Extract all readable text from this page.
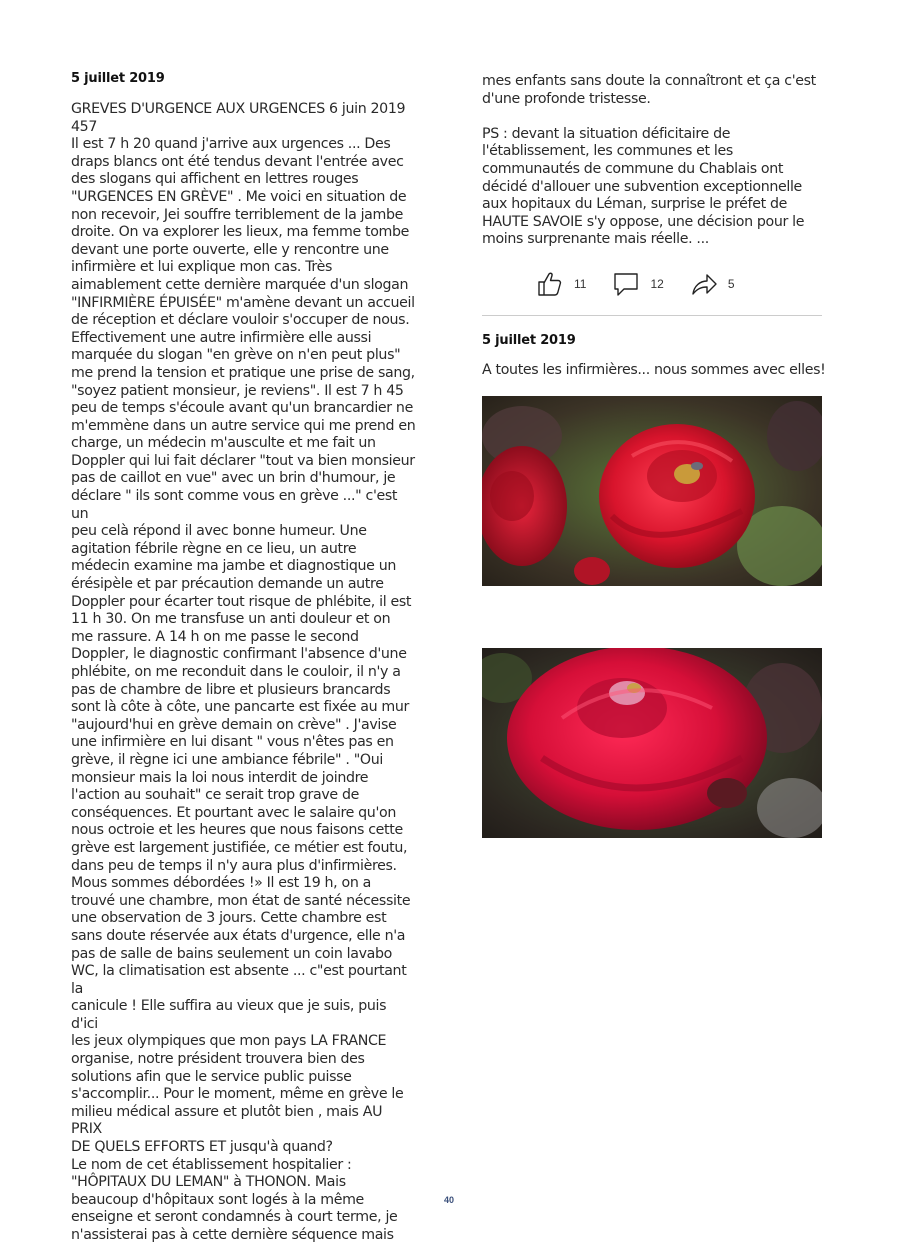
5 juillet 2019

GREVES D'URGENCE AUX URGENCES 6 juin 2019
457
Il est 7 h 20 quand j'arrive aux urgences ... Des
draps blancs ont été tendus devant l'entrée avec
des slogans qui affichent en lettres rouges
"URGENCES EN GRÈVE" . Me voici en situation de
non recevoir, Jei souffre terriblement de la jambe
droite. On va explorer les lieux, ma femme tombe
devant une porte ouverte, elle y rencontre une
infirmière et lui explique mon cas. Très
aimablement cette dernière marquée d'un slogan
"INFIRMIÈRE ÉPUISÉE" m'amène devant un accueil
de réception et déclare vouloir s'occuper de nous.
Effectivement une autre infirmière elle aussi
marquée du slogan "en grève on n'en peut plus"
me prend la tension et pratique une prise de sang,
"soyez patient monsieur, je reviens". Il est 7 h 45
peu de temps s'écoule avant qu'un brancardier ne
m'emmène dans un autre service qui me prend en
charge, un médecin m'ausculte et me fait un
Doppler qui lui fait déclarer "tout va bien monsieur
pas de caillot en vue" avec un brin d'humour, je
déclare " ils sont comme vous en grève ..." c'est un
peu celà répond il avec bonne humeur. Une
agitation fébrile règne en ce lieu, un autre
médecin examine ma jambe et diagnostique un
érésipèle et par précaution demande un autre
Doppler pour écarter tout risque de phlébite, il est
11 h 30. On me transfuse un anti douleur et on
me rassure. A 14 h on me passe le second
Doppler, le diagnostic confirmant l'absence d'une
phlébite, on me reconduit dans le couloir, il n'y a
pas de chambre de libre et plusieurs brancards
sont là côte à côte, une pancarte est fixée au mur
"aujourd'hui en grève demain on crève" . J'avise
une infirmière en lui disant " vous n'êtes pas en
grève, il règne ici une ambiance fébrile" . "Oui
monsieur mais la loi nous interdit de joindre
l'action au souhait" ce serait trop grave de
conséquences. Et pourtant avec le salaire qu'on
nous octroie et les heures que nous faisons cette
grève est largement justifiée, ce métier est foutu,
dans peu de temps il n'y aura plus d'infirmières.
Mous sommes débordées !» Il est 19 h, on a
trouvé une chambre, mon état de santé nécessite
une observation de 3 jours. Cette chambre est
sans doute réservée aux états d'urgence, elle n'a
pas de salle de bains seulement un coin lavabo
WC, la climatisation est absente ... c"est pourtant la
canicule ! Elle suffira au vieux que je suis, puis d'ici
les jeux olympiques que mon pays LA FRANCE
organise, notre président trouvera bien des
solutions afin que le service public puisse
s'accomplir... Pour le moment, même en grève le
milieu médical assure et plutôt bien , mais AU PRIX
DE QUELS EFFORTS ET jusqu'à quand?
Le nom de cet établissement hospitalier :
"HÔPITAUX DU LEMAN" à THONON. Mais
beaucoup d'hôpitaux sont logés à la même
enseigne et seront condamnés à court terme, je
n'assisterai pas à cette dernière séquence mais

mes enfants sans doute la connaîtront et ça c'est
d'une profonde tristesse.

PS : devant la situation déficitaire de
l'établissement, les communes et les
communautés de commune du Chablais ont
décidé d'allouer une subvention exceptionnelle
aux hopitaux du Léman, surprise le préfet de
HAUTE SAVOIE s'y oppose, une décision pour le
moins surprenante mais réelle. ...

11	12	5
5 juillet 2019

A toutes les infirmières... nous sommes avec elles!

40
